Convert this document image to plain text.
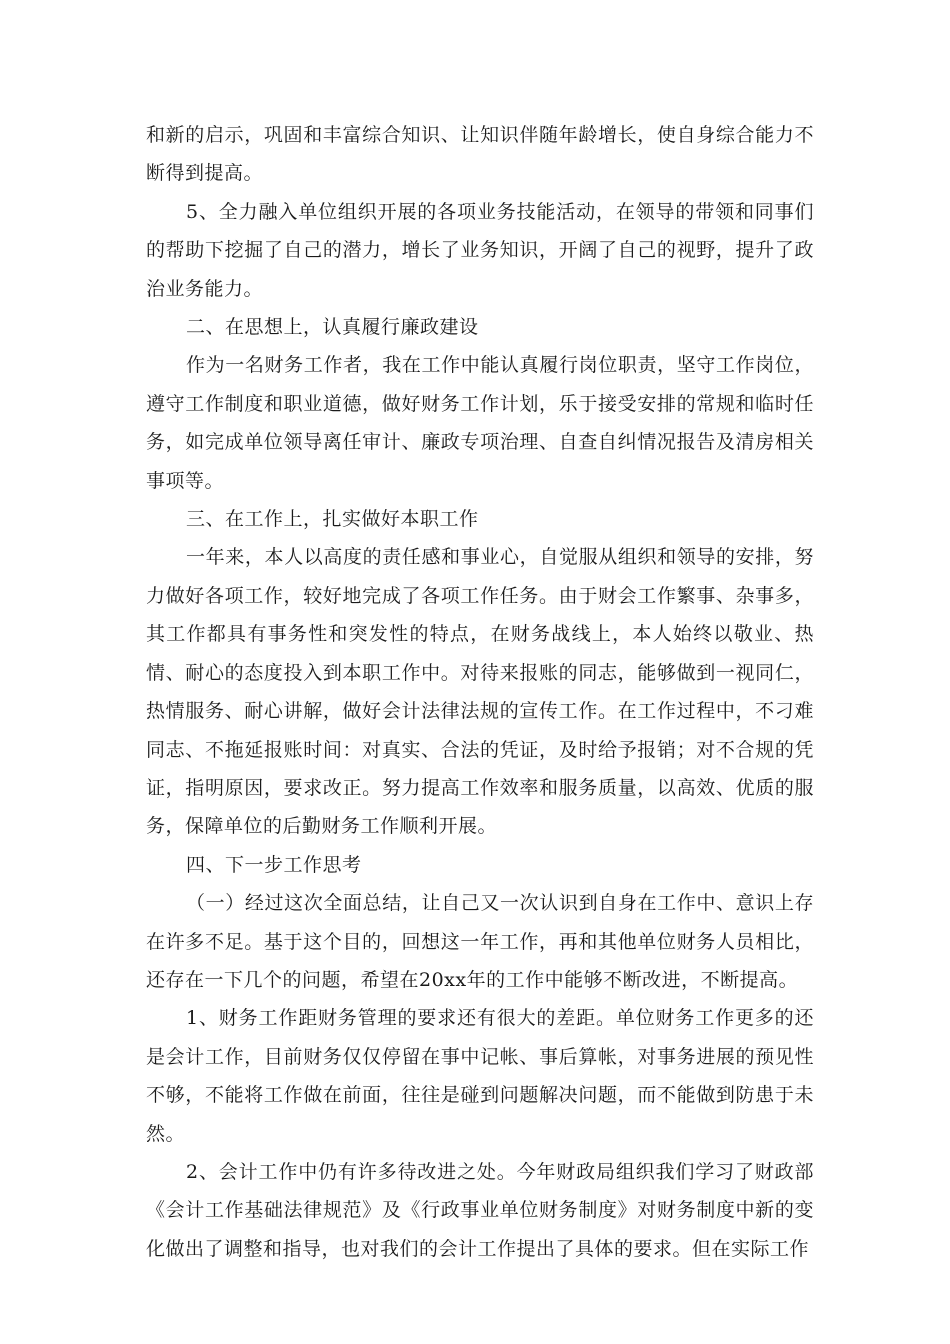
和新的启示，巩固和丰富综合知识、让知识伴随年龄增长，使自身综合能力不断得到提高。

5、全力融入单位组织开展的各项业务技能活动，在领导的带领和同事们的帮助下挖掘了自己的潜力，增长了业务知识，开阔了自己的视野，提升了政治业务能力。

二、在思想上，认真履行廉政建设

作为一名财务工作者，我在工作中能认真履行岗位职责，坚守工作岗位，遵守工作制度和职业道德，做好财务工作计划，乐于接受安排的常规和临时任务，如完成单位领导离任审计、廉政专项治理、自查自纠情况报告及清房相关事项等。

三、在工作上，扎实做好本职工作

一年来，本人以高度的责任感和事业心，自觉服从组织和领导的安排，努力做好各项工作，较好地完成了各项工作任务。由于财会工作繁事、杂事多，其工作都具有事务性和突发性的特点，在财务战线上，本人始终以敬业、热情、耐心的态度投入到本职工作中。对待来报账的同志，能够做到一视同仁，热情服务、耐心讲解，做好会计法律法规的宣传工作。在工作过程中，不刁难同志、不拖延报账时间：对真实、合法的凭证，及时给予报销；对不合规的凭证，指明原因，要求改正。努力提高工作效率和服务质量，以高效、优质的服务，保障单位的后勤财务工作顺利开展。

四、下一步工作思考

（一）经过这次全面总结，让自己又一次认识到自身在工作中、意识上存在许多不足。基于这个目的，回想这一年工作，再和其他单位财务人员相比，还存在一下几个的问题，希望在20xx年的工作中能够不断改进，不断提高。

1、财务工作距财务管理的要求还有很大的差距。单位财务工作更多的还是会计工作，目前财务仅仅停留在事中记帐、事后算帐，对事务进展的预见性不够，不能将工作做在前面，往往是碰到问题解决问题，而不能做到防患于未然。

2、会计工作中仍有许多待改进之处。今年财政局组织我们学习了财政部《会计工作基础法律规范》及《行政事业单位财务制度》对财务制度中新的变化做出了调整和指导，也对我们的会计工作提出了具体的要求。但在实际工作
